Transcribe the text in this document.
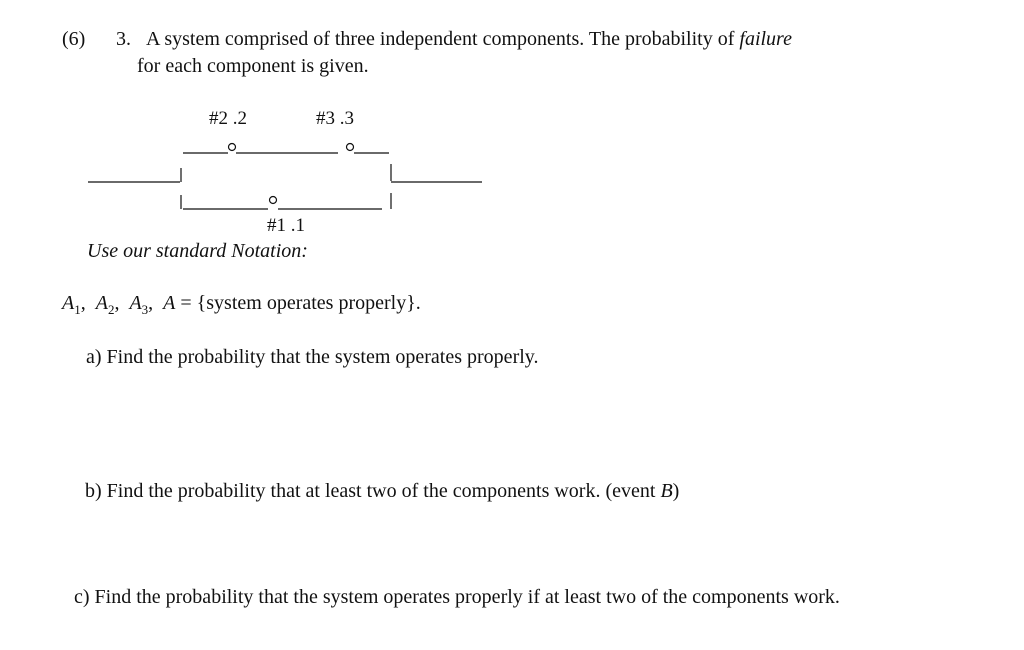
(6) 3. A system comprised of three independent components. The probability of failure
for each component is given.
#2 .2	#3 .3
#1 .1
Use our standard Notation:
$A_1$,  $A_2$,  $A_3$,  A = {system operates properly}.
a) Find the probability that the system operates properly.
b) Find the probability that at least two of the components work. (event B)
c) Find the probability that the system operates properly if at least two of the components work.
